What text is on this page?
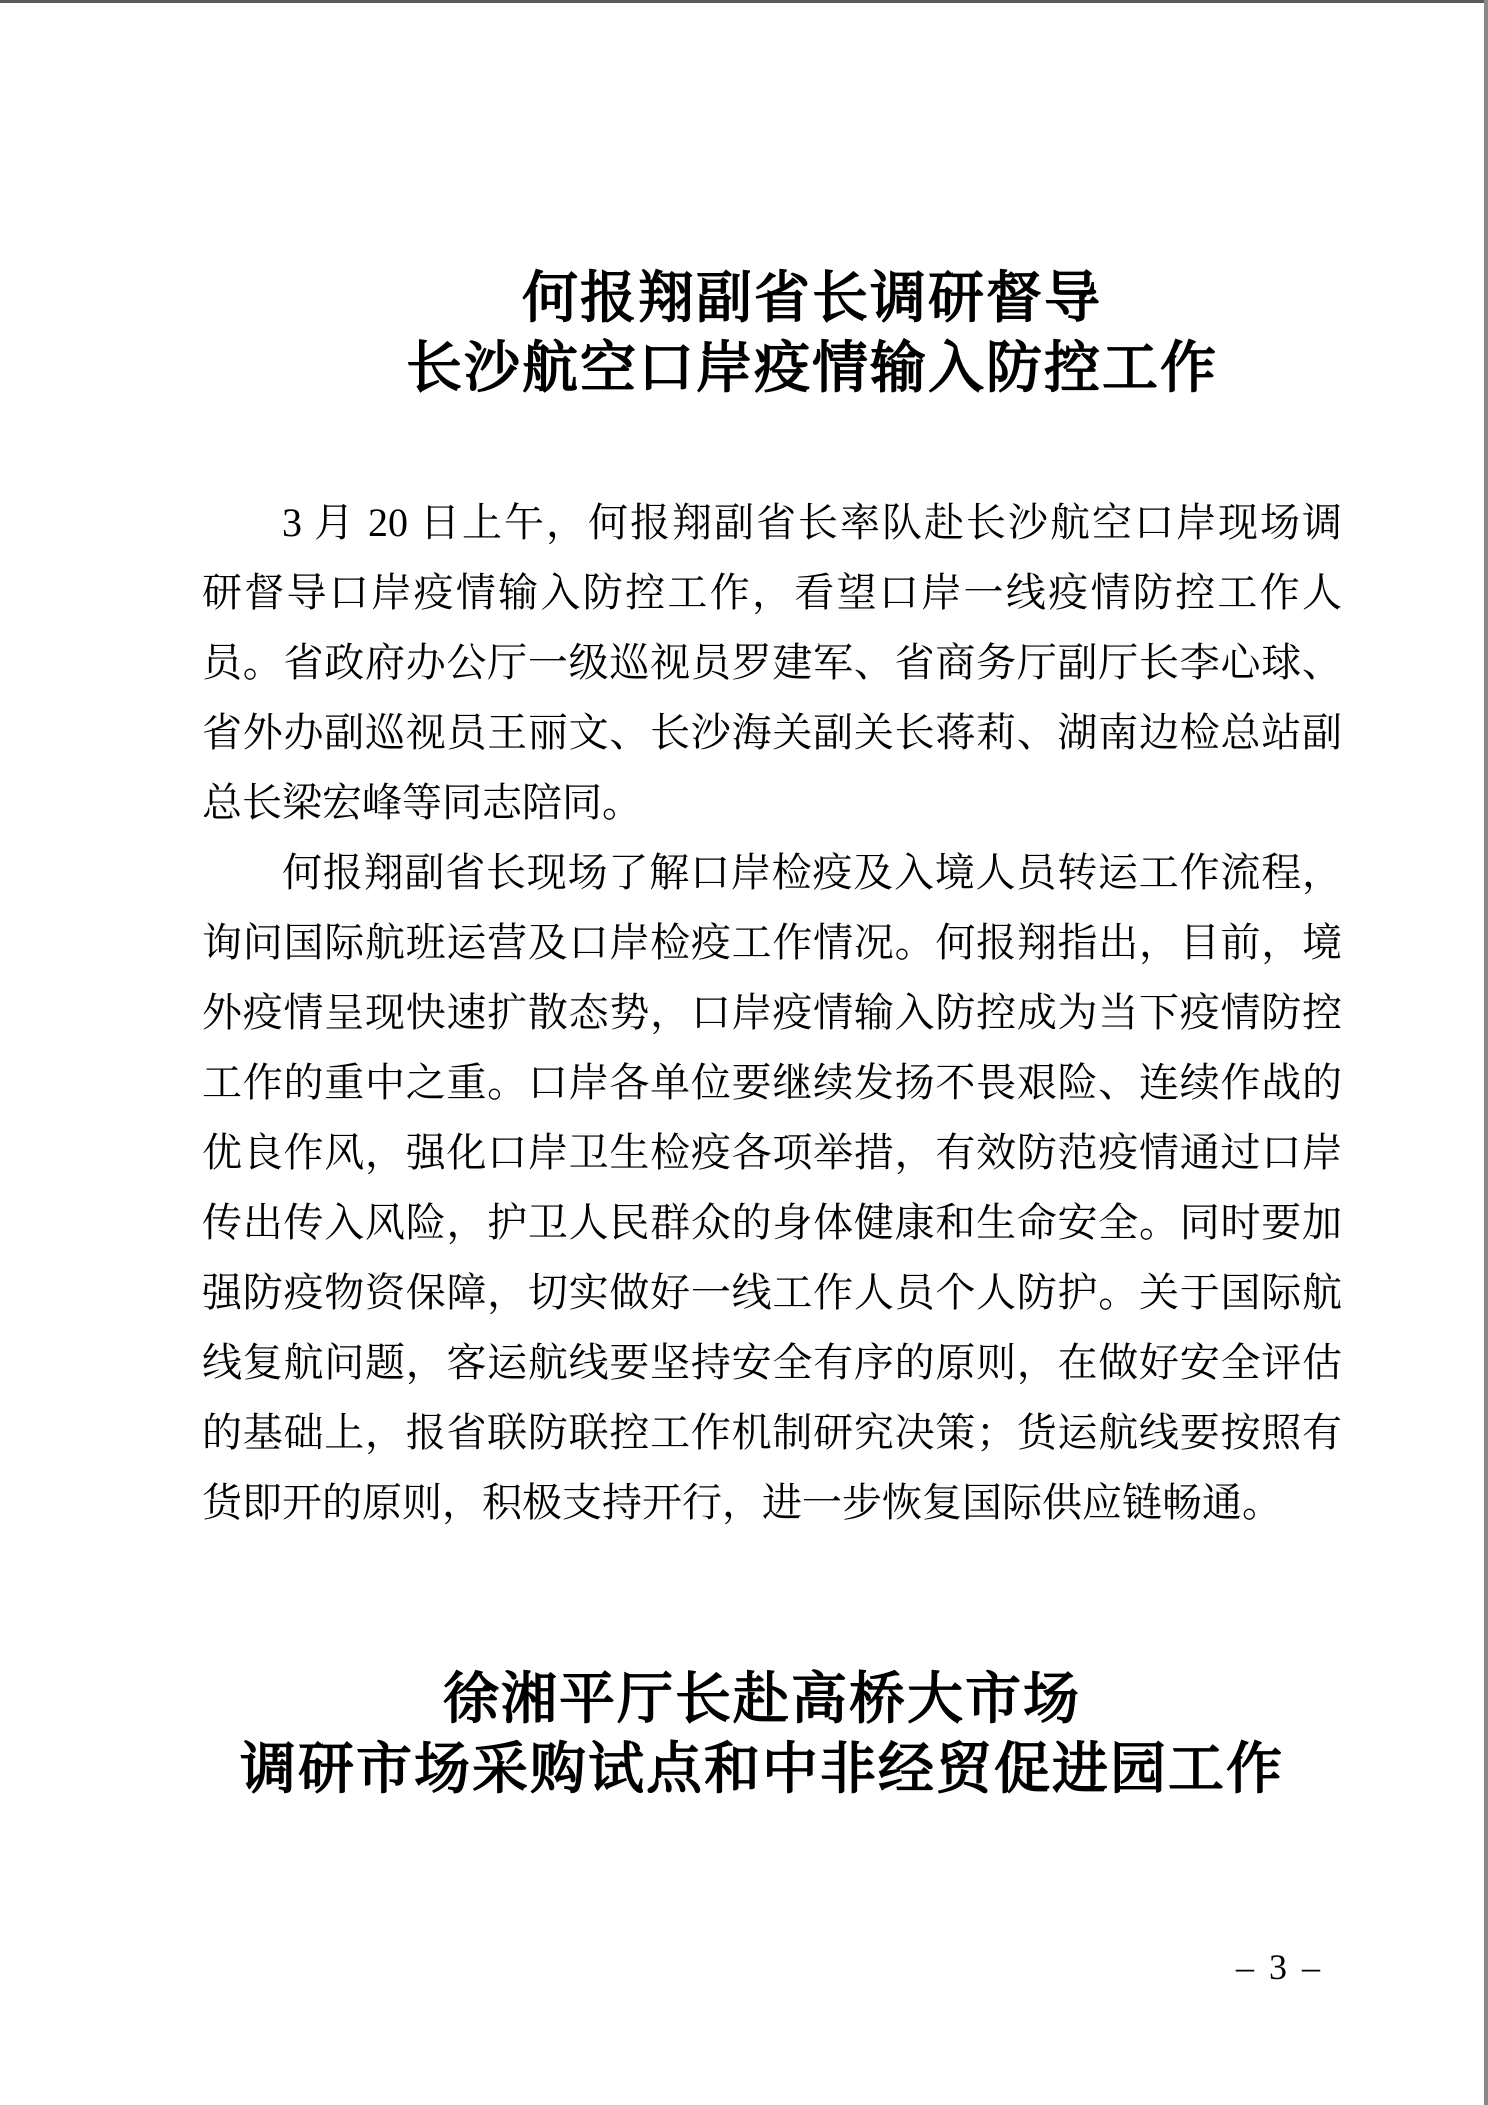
何报翔副省长调研督导
长沙航空口岸疫情输入防控工作
3 月 20 日上午，何报翔副省长率队赴长沙航空口岸现场调
研督导口岸疫情输入防控工作，看望口岸一线疫情防控工作人
员。省政府办公厅一级巡视员罗建军、省商务厅副厅长李心球、
省外办副巡视员王丽文、长沙海关副关长蒋莉、湖南边检总站副
总长梁宏峰等同志陪同。
何报翔副省长现场了解口岸检疫及入境人员转运工作流程，
询问国际航班运营及口岸检疫工作情况。何报翔指出，目前，境
外疫情呈现快速扩散态势，口岸疫情输入防控成为当下疫情防控
工作的重中之重。口岸各单位要继续发扬不畏艰险、连续作战的
优良作风，强化口岸卫生检疫各项举措，有效防范疫情通过口岸
传出传入风险，护卫人民群众的身体健康和生命安全。同时要加
强防疫物资保障，切实做好一线工作人员个人防护。关于国际航
线复航问题，客运航线要坚持安全有序的原则，在做好安全评估
的基础上，报省联防联控工作机制研究决策；货运航线要按照有
货即开的原则，积极支持开行，进一步恢复国际供应链畅通。
徐湘平厅长赴高桥大市场
调研市场采购试点和中非经贸促进园工作
– 3 –
